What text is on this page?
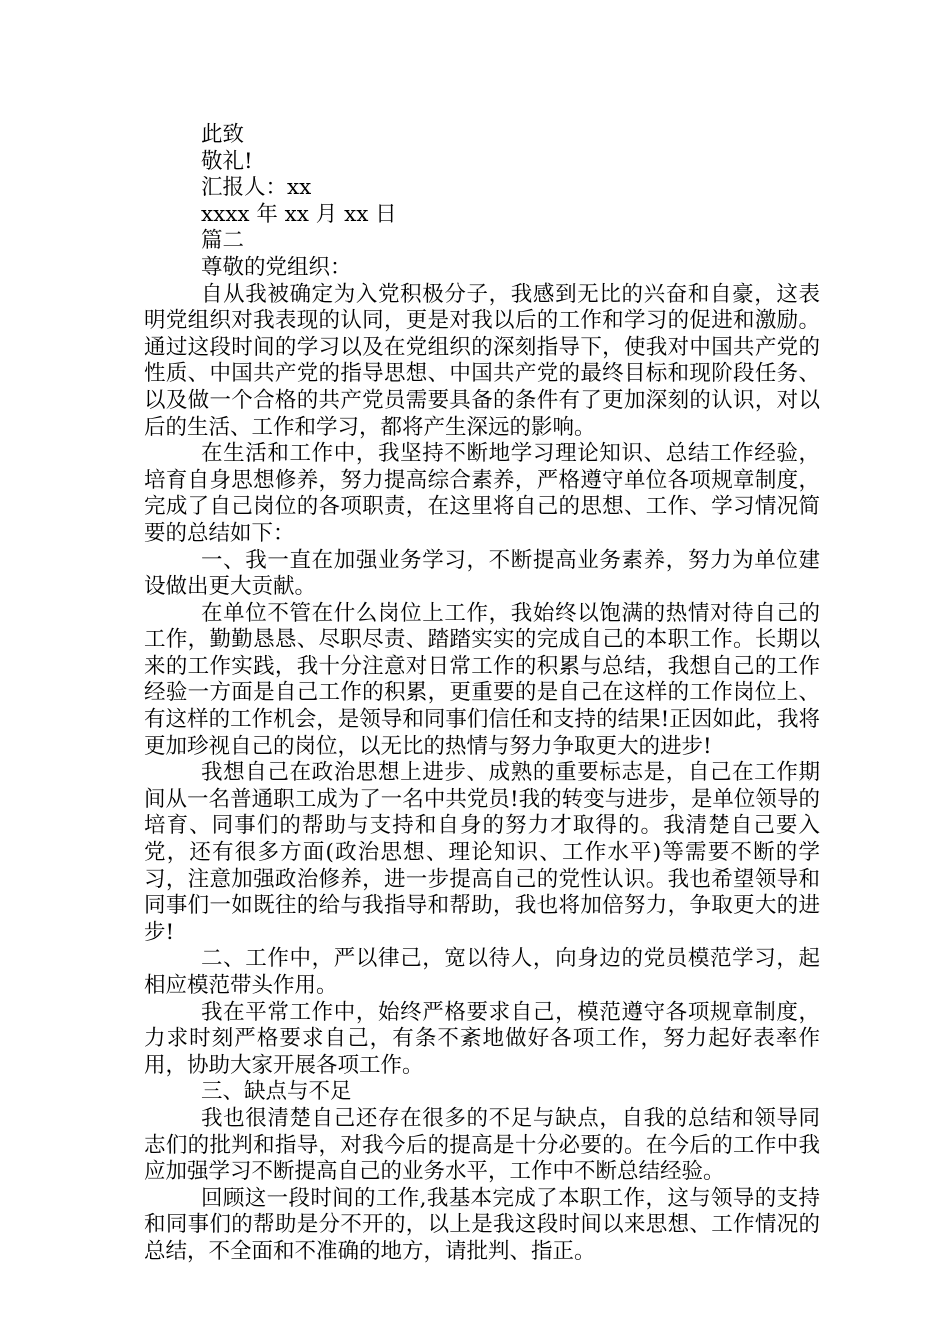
此致
敬礼!
汇报人：xx
xxxx 年 xx 月 xx 日
篇二
尊敬的党组织：
自从我被确定为入党积极分子，我感到无比的兴奋和自豪，这表明党组织对我表现的认同，更是对我以后的工作和学习的促进和激励。通过这段时间的学习以及在党组织的深刻指导下，使我对中国共产党的性质、中国共产党的指导思想、中国共产党的最终目标和现阶段任务、以及做一个合格的共产党员需要具备的条件有了更加深刻的认识，对以后的生活、工作和学习，都将产生深远的影响。
在生活和工作中，我坚持不断地学习理论知识、总结工作经验，培育自身思想修养，努力提高综合素养，严格遵守单位各项规章制度，完成了自己岗位的各项职责，在这里将自己的思想、工作、学习情况简要的总结如下：
一、我一直在加强业务学习，不断提高业务素养，努力为单位建设做出更大贡献。
在单位不管在什么岗位上工作，我始终以饱满的热情对待自己的工作，勤勤恳恳、尽职尽责、踏踏实实的完成自己的本职工作。长期以来的工作实践，我十分注意对日常工作的积累与总结，我想自己的工作经验一方面是自己工作的积累，更重要的是自己在这样的工作岗位上、有这样的工作机会，是领导和同事们信任和支持的结果!正因如此，我将更加珍视自己的岗位，以无比的热情与努力争取更大的进步!
我想自己在政治思想上进步、成熟的重要标志是，自己在工作期间从一名普通职工成为了一名中共党员!我的转变与进步，是单位领导的培育、同事们的帮助与支持和自身的努力才取得的。我清楚自己要入党，还有很多方面(政治思想、理论知识、工作水平)等需要不断的学习，注意加强政治修养，进一步提高自己的党性认识。我也希望领导和同事们一如既往的给与我指导和帮助，我也将加倍努力，争取更大的进步!
二、工作中，严以律己，宽以待人，向身边的党员模范学习，起相应模范带头作用。
我在平常工作中，始终严格要求自己，模范遵守各项规章制度，力求时刻严格要求自己，有条不紊地做好各项工作，努力起好表率作用，协助大家开展各项工作。
三、缺点与不足
我也很清楚自己还存在很多的不足与缺点，自我的总结和领导同志们的批判和指导，对我今后的提高是十分必要的。在今后的工作中我应加强学习不断提高自己的业务水平，工作中不断总结经验。
回顾这一段时间的工作,我基本完成了本职工作，这与领导的支持和同事们的帮助是分不开的，以上是我这段时间以来思想、工作情况的总结，不全面和不准确的地方，请批判、指正。
